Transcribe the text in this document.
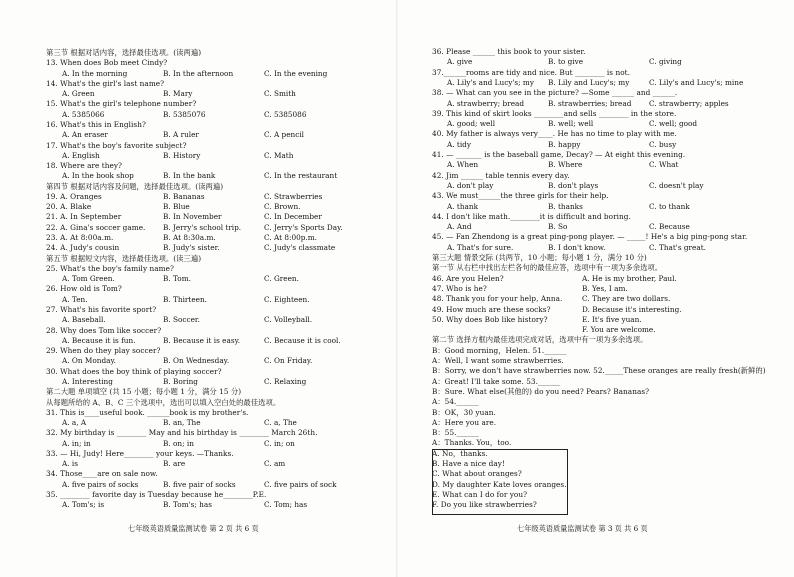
第三节 根据对话内容，选择最佳选项。(读两遍)
13. When does Bob meet Cindy?
A. In the morning	B. In the afternoon	C. In the evening
14. What's the girl's last name?
A. Green	B. Mary	C. Smith
15. What's the girl's telephone number?
A. 5385066	B. 5385076	C. 5385086
16. What's this in English?
A. An eraser	B. A ruler	C. A pencil
17. What's the boy's favorite subject?
A. English	B. History	C. Math
18. Where are they?
A. In the book shop	B. In the bank	C. In the restaurant
第四节 根据对话内容及问题，选择最佳选项。(读两遍)
19. A. Oranges	B. Bananas	C. Strawberries
20. A. Blake	B. Blue	C. Brown.
21. A. In September	B. In November	C. In December
22. A. Gina's soccer game. B. Jerry's school trip.	C. Jerry's Sports Day.
23. A. At 8:00a.m.	B. At 8:30a.m.	C. At 8:00p.m.
24. A. Judy's cousin	B. Judy's sister.	C. Judy's classmate
第五节 根据短文内容，选择最佳选项。(读三遍)
25. What's the boy's family name?
A. Tom Green.	B. Tom.	C. Green.
26. How old is Tom?
A. Ten.	B. Thirteen.	C. Eighteen.
27. What's his favorite sport?
A. Baseball.	B. Soccer.	C. Volleyball.
28. Why does Tom like soccer?
A. Because it is fun.	B. Because it is easy.	C. Because it is cool.
29. When do they play soccer?
A. On Monday.	B. On Wednesday.	C. On Friday.
30. What does the boy think of playing soccer?
A. Interesting	B. Boring	C. Relaxing
第二大题 单项填空 (共 15 小题；每小题 1 分，满分 15 分)
从每题所给的 A、B、C 三个选项中，选出可以填入空白处的最佳选项。
31. This is____useful book. ______book is my brother's.
A. a, A	B. an, The	C. a, The
32. My birthday is ________ May and his birthday is ________ March 26th.
A. in; in	B. on; in	C. in; on
33. — Hi, Judy! Here________ your keys. —Thanks.
A. is	B. are	C. am
34. Those____are on sale now.
A. five pairs of socks	B. five pair of socks	C. five pairs of sock
35. ________ favorite day is Tuesday because he________P.E.
A. Tom's; is	B. Tom's; has	C. Tom; has
七年级英语质量监测试卷 第 2 页 共 6 页
36. Please ______ this book to your sister.
A. give	B. to give	C. giving
37.______rooms are tidy and nice. But ________ is not.
A. Lily's and Lucy's; my B. Lily and Lucy's; my	C. Lily's and Lucy's; mine
38. — What can you see in the picture? —Some ______ and ______.
A. strawberry; bread	B. strawberries; bread C. strawberry; apples
39. This kind of skirt looks ________and sells ________ in the store.
A. good; well	B. well; well	C. well; good
40. My father is always very____. He has no time to play with me.
A. tidy	B. happy	C. busy
41. — _______ is the baseball game, Decay? — At eight this evening.
A. When	B. Where	C. What
42. Jim ______ table tennis every day.
A. don't play	B. don't plays	C. doesn't play
43. We must______the three girls for their help.
A. thank	B. thanks	C. to thank
44. I don't like math.________it is difficult and boring.
A. And	B. So	C. Because
45. — Fan Zhendong is a great ping-pong player. — _____! He's a big ping-pong star.
A. That's for sure.	B. I don't know.	C. That's great.
第三大题 情景交际 (共两节，10 小题；每小题 1 分，满分 10 分)
第一节 从右栏中找出左栏各句的最佳应答，选项中有一项为多余选项。
46. Are you Helen?	A. He is my brother, Paul.
47. Who is he?	B. Yes, I am.
48. Thank you for your help, Anna.	C. They are two dollars.
49. How much are these socks?	D. Because it's interesting.
50. Why does Bob like history?	E. It's five yuan.
F. You are welcome.
第二节 选择方框内最佳选项完成对话，选项中有一项为多余选项。
B：Good morning，Helen. 51.______
A：Well, I want some strawberries.
B：Sorry, we don't have strawberries now. 52._____These oranges are really fresh(新鲜的)
A：Great! I'll take some. 53.______
B：Sure. What else(其他的) do you need? Pears? Bananas?
A：54.______
B：OK，30 yuan.
A：Here you are.
B：55.______
A：Thanks. You，too.
A. No，thanks.
B. Have a nice day!
C. What about oranges?
D. My daughter Kate loves oranges.
E. What can I do for you?
F. Do you like strawberries?
七年级英语质量监测试卷 第 3 页 共 6 页
